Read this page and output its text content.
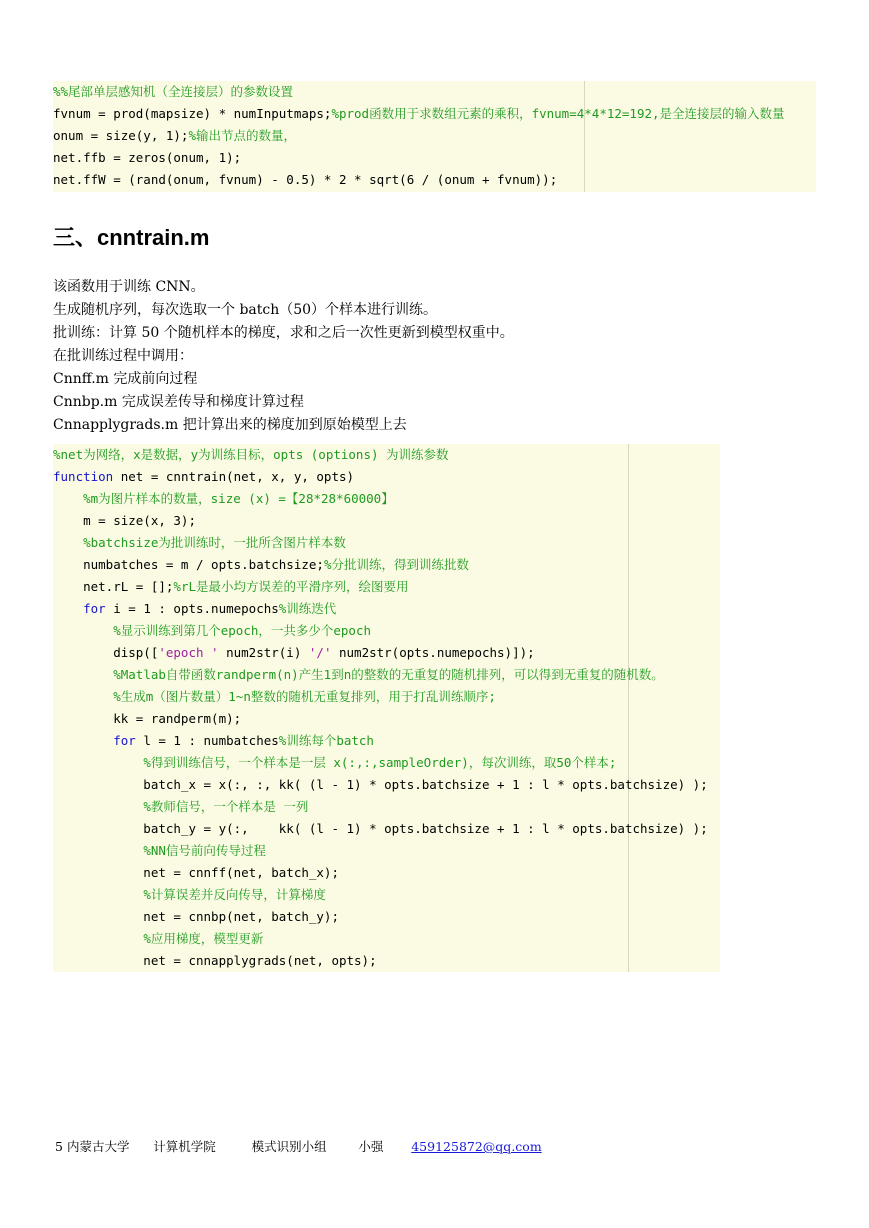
%%尾部单层感知机（全连接层）的参数设置
fvnum = prod(mapsize) * numInputmaps;%prod函数用于求数组元素的乘积，fvnum=4*4*12=192,是全连接层的输入数量
onum = size(y, 1);%输出节点的数量，
net.ffb = zeros(onum, 1);
net.ffW = (rand(onum, fvnum) - 0.5) * 2 * sqrt(6 / (onum + fvnum));
三、cnntrain.m
该函数用于训练 CNN。
生成随机序列，每次选取一个 batch（50）个样本进行训练。
批训练：计算 50 个随机样本的梯度，求和之后一次性更新到模型权重中。
在批训练过程中调用：
Cnnff.m 完成前向过程
Cnnbp.m 完成误差传导和梯度计算过程
Cnnapplygrads.m 把计算出来的梯度加到原始模型上去
%net为网络，x是数据，y为训练目标，opts (options) 为训练参数
function net = cnntrain(net, x, y, opts)
%m为图片样本的数量，size (x) =【28*28*60000】
m = size(x, 3);
%batchsize为批训练时，一批所含图片样本数
numbatches = m / opts.batchsize;%分批训练，得到训练批数
net.rL = [];%rL是最小均方误差的平滑序列，绘图要用
for i = 1 : opts.numepochs%训练迭代
%显示训练到第几个epoch，一共多少个epoch
disp(['epoch ' num2str(i) '/' num2str(opts.numepochs)]);
%Matlab自带函数randperm(n)产生1到n的整数的无重复的随机排列，可以得到无重复的随机数。
%生成m（图片数量）1~n整数的随机无重复排列，用于打乱训练顺序;
kk = randperm(m);
for l = 1 : numbatches%训练每个batch
%得到训练信号，一个样本是一层 x(:,:,sampleOrder)，每次训练，取50个样本;
batch_x = x(:, :, kk( (l - 1) * opts.batchsize + 1 : l * opts.batchsize) );
%教师信号，一个样本是 一列
batch_y = y(:,    kk( (l - 1) * opts.batchsize + 1 : l * opts.batchsize) );
%NN信号前向传导过程
net = cnnff(net, batch_x);
%计算误差并反向传导，计算梯度
net = cnnbp(net, batch_y);
%应用梯度，模型更新
net = cnnapplygrads(net, opts);
5 内蒙古大学 计算机学院	模式识别小组	小强 459125872@qq.com
